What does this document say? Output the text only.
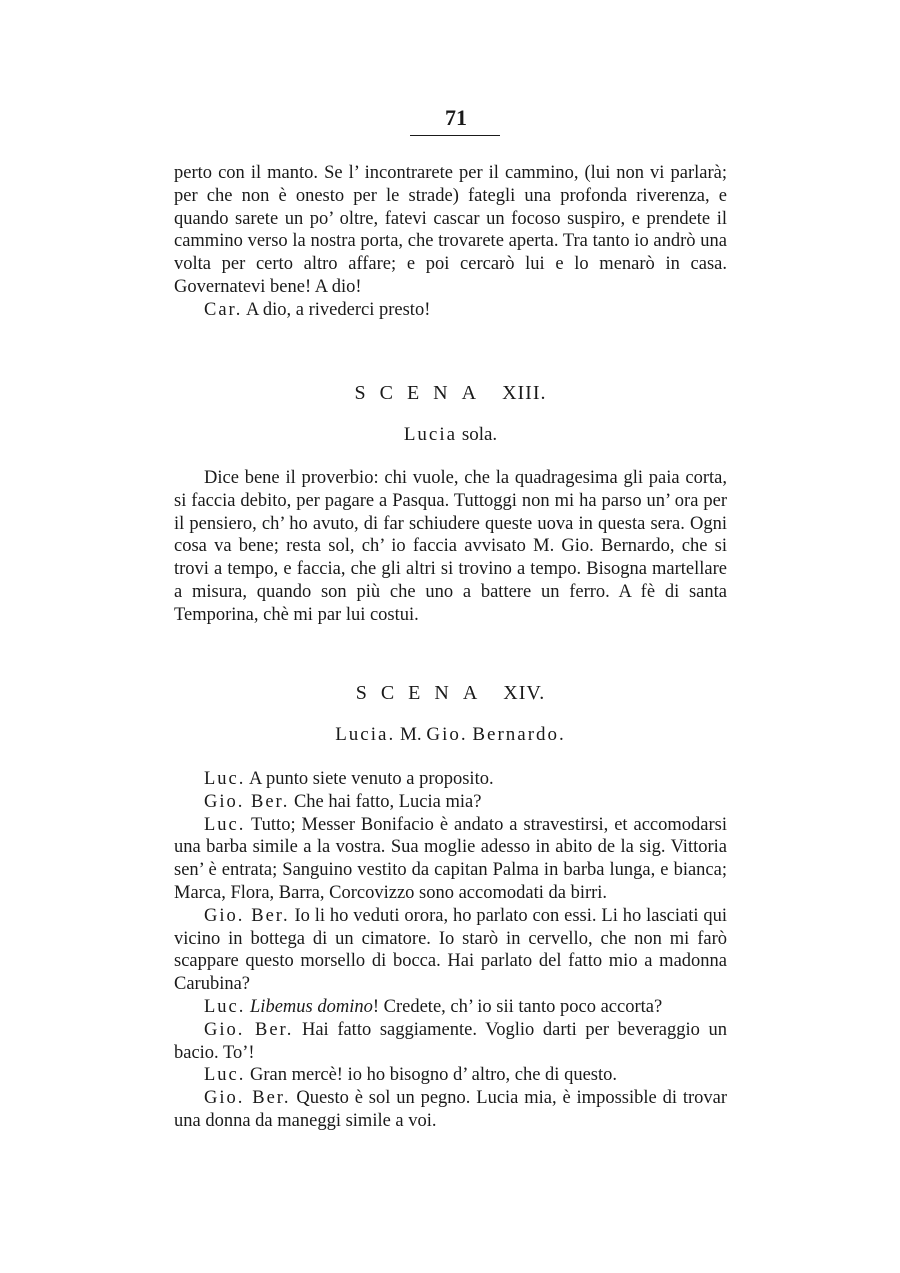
71

perto con il manto. Se l’ incontrarete per il cammino, (lui non vi parlarà; per che non è onesto per le strade) fategli una profonda riverenza, e quando sarete un po’ oltre, fatevi cascar un focoso suspiro, e prendete il cammino verso la nostra porta, che trovarete aperta. Tra tanto io andrò una volta per certo altro affare; e poi cercarò lui e lo menarò in casa. Governatevi bene! A dio!

Car. A dio, a rivederci presto!

SCENA XIII.
Lucia sola.

Dice bene il proverbio: chi vuole, che la quadragesima gli paia corta, si faccia debito, per pagare a Pasqua. Tuttoggi non mi ha parso un’ ora per il pensiero, ch’ ho avuto, di far schiudere queste uova in questa sera. Ogni cosa va bene; resta sol, ch’ io faccia avvisato M. Gio. Bernardo, che si trovi a tempo, e faccia, che gli altri si trovino a tempo. Bisogna martellare a misura, quando son più che uno a battere un ferro. A fè di santa Temporina, chè mi par lui costui.

SCENA XIV.
Lucia. M. Gio. Bernardo.

Luc. A punto siete venuto a proposito.

Gio. Ber. Che hai fatto, Lucia mia?

Luc. Tutto; Messer Bonifacio è andato a stravestirsi, et accomodarsi una barba simile a la vostra. Sua moglie adesso in abito de la sig. Vittoria sen’ è entrata; Sanguino vestito da capitan Palma in barba lunga, e bianca; Marca, Flora, Barra, Corcovizzo sono accomodati da birri.

Gio. Ber. Io li ho veduti orora, ho parlato con essi. Li ho lasciati qui vicino in bottega di un cimatore. Io starò in cervello, che non mi farò scappare questo morsello di bocca. Hai parlato del fatto mio a madonna Carubina?

Luc. Libemus domino! Credete, ch’ io sii tanto poco accorta?

Gio. Ber. Hai fatto saggiamente. Voglio darti per beveraggio un bacio. To’!

Luc. Gran mercè! io ho bisogno d’ altro, che di questo.

Gio. Ber. Questo è sol un pegno. Lucia mia, è impossible di trovar una donna da maneggi simile a voi.
